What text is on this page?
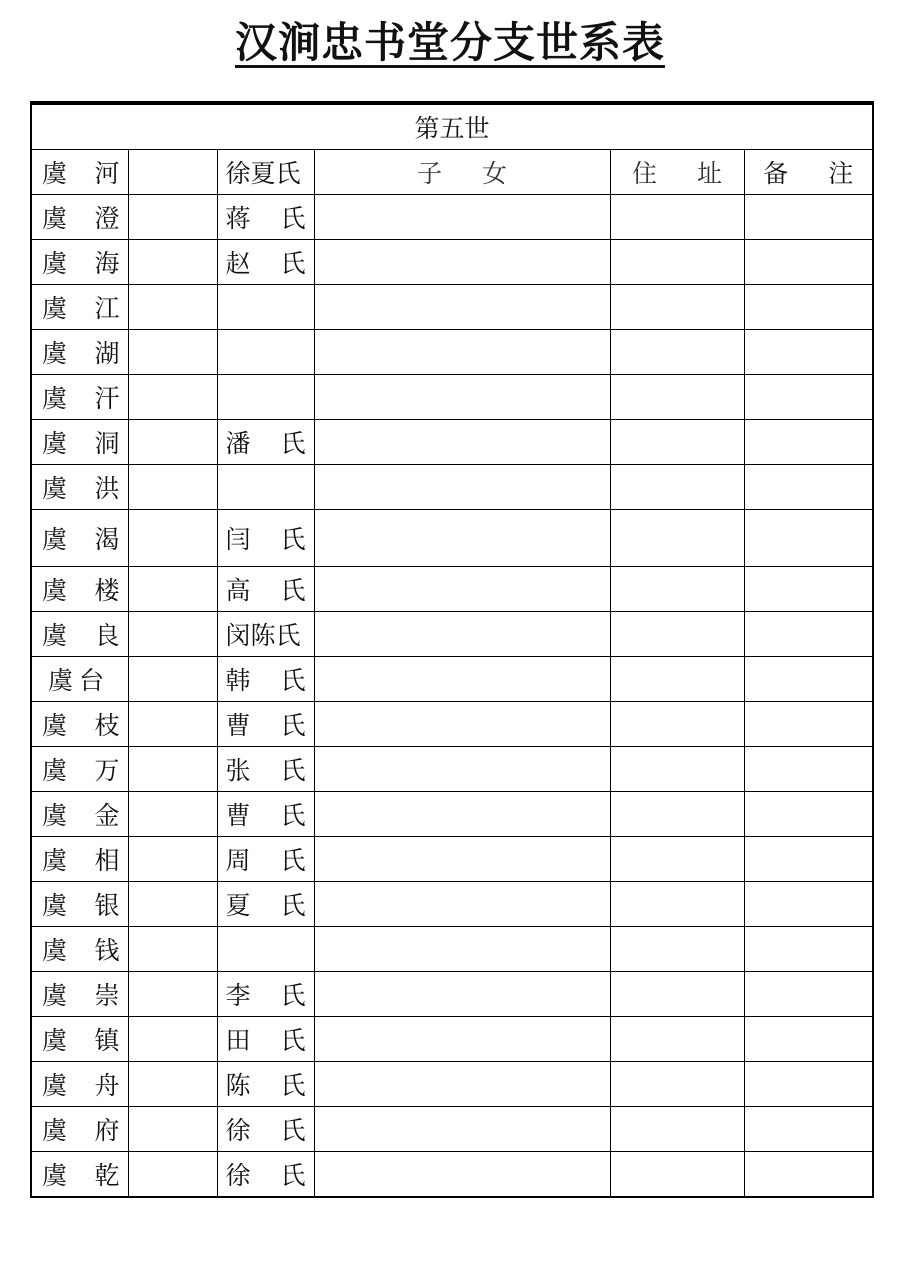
汉涧忠书堂分支世系表
第五世					

虞 河		徐夏氏	子 女	住 址	备 注

虞 澄		蒋 氏			

虞 海		赵 氏			

虞 江					

虞 湖					

虞 汗					

虞 洞		潘 氏			

虞 洪					

虞 渴		闫 氏			

虞 楼		高 氏			

虞 良		闵陈氏			

虞 台		韩 氏			

虞 枝		曹 氏			

虞 万		张 氏			

虞 金		曹 氏			

虞 相		周 氏			

虞 银		夏 氏			

虞 钱					

虞 崇		李 氏			

虞 镇		田 氏			

虞 舟		陈 氏			

虞 府		徐 氏			

虞 乾		徐 氏			
